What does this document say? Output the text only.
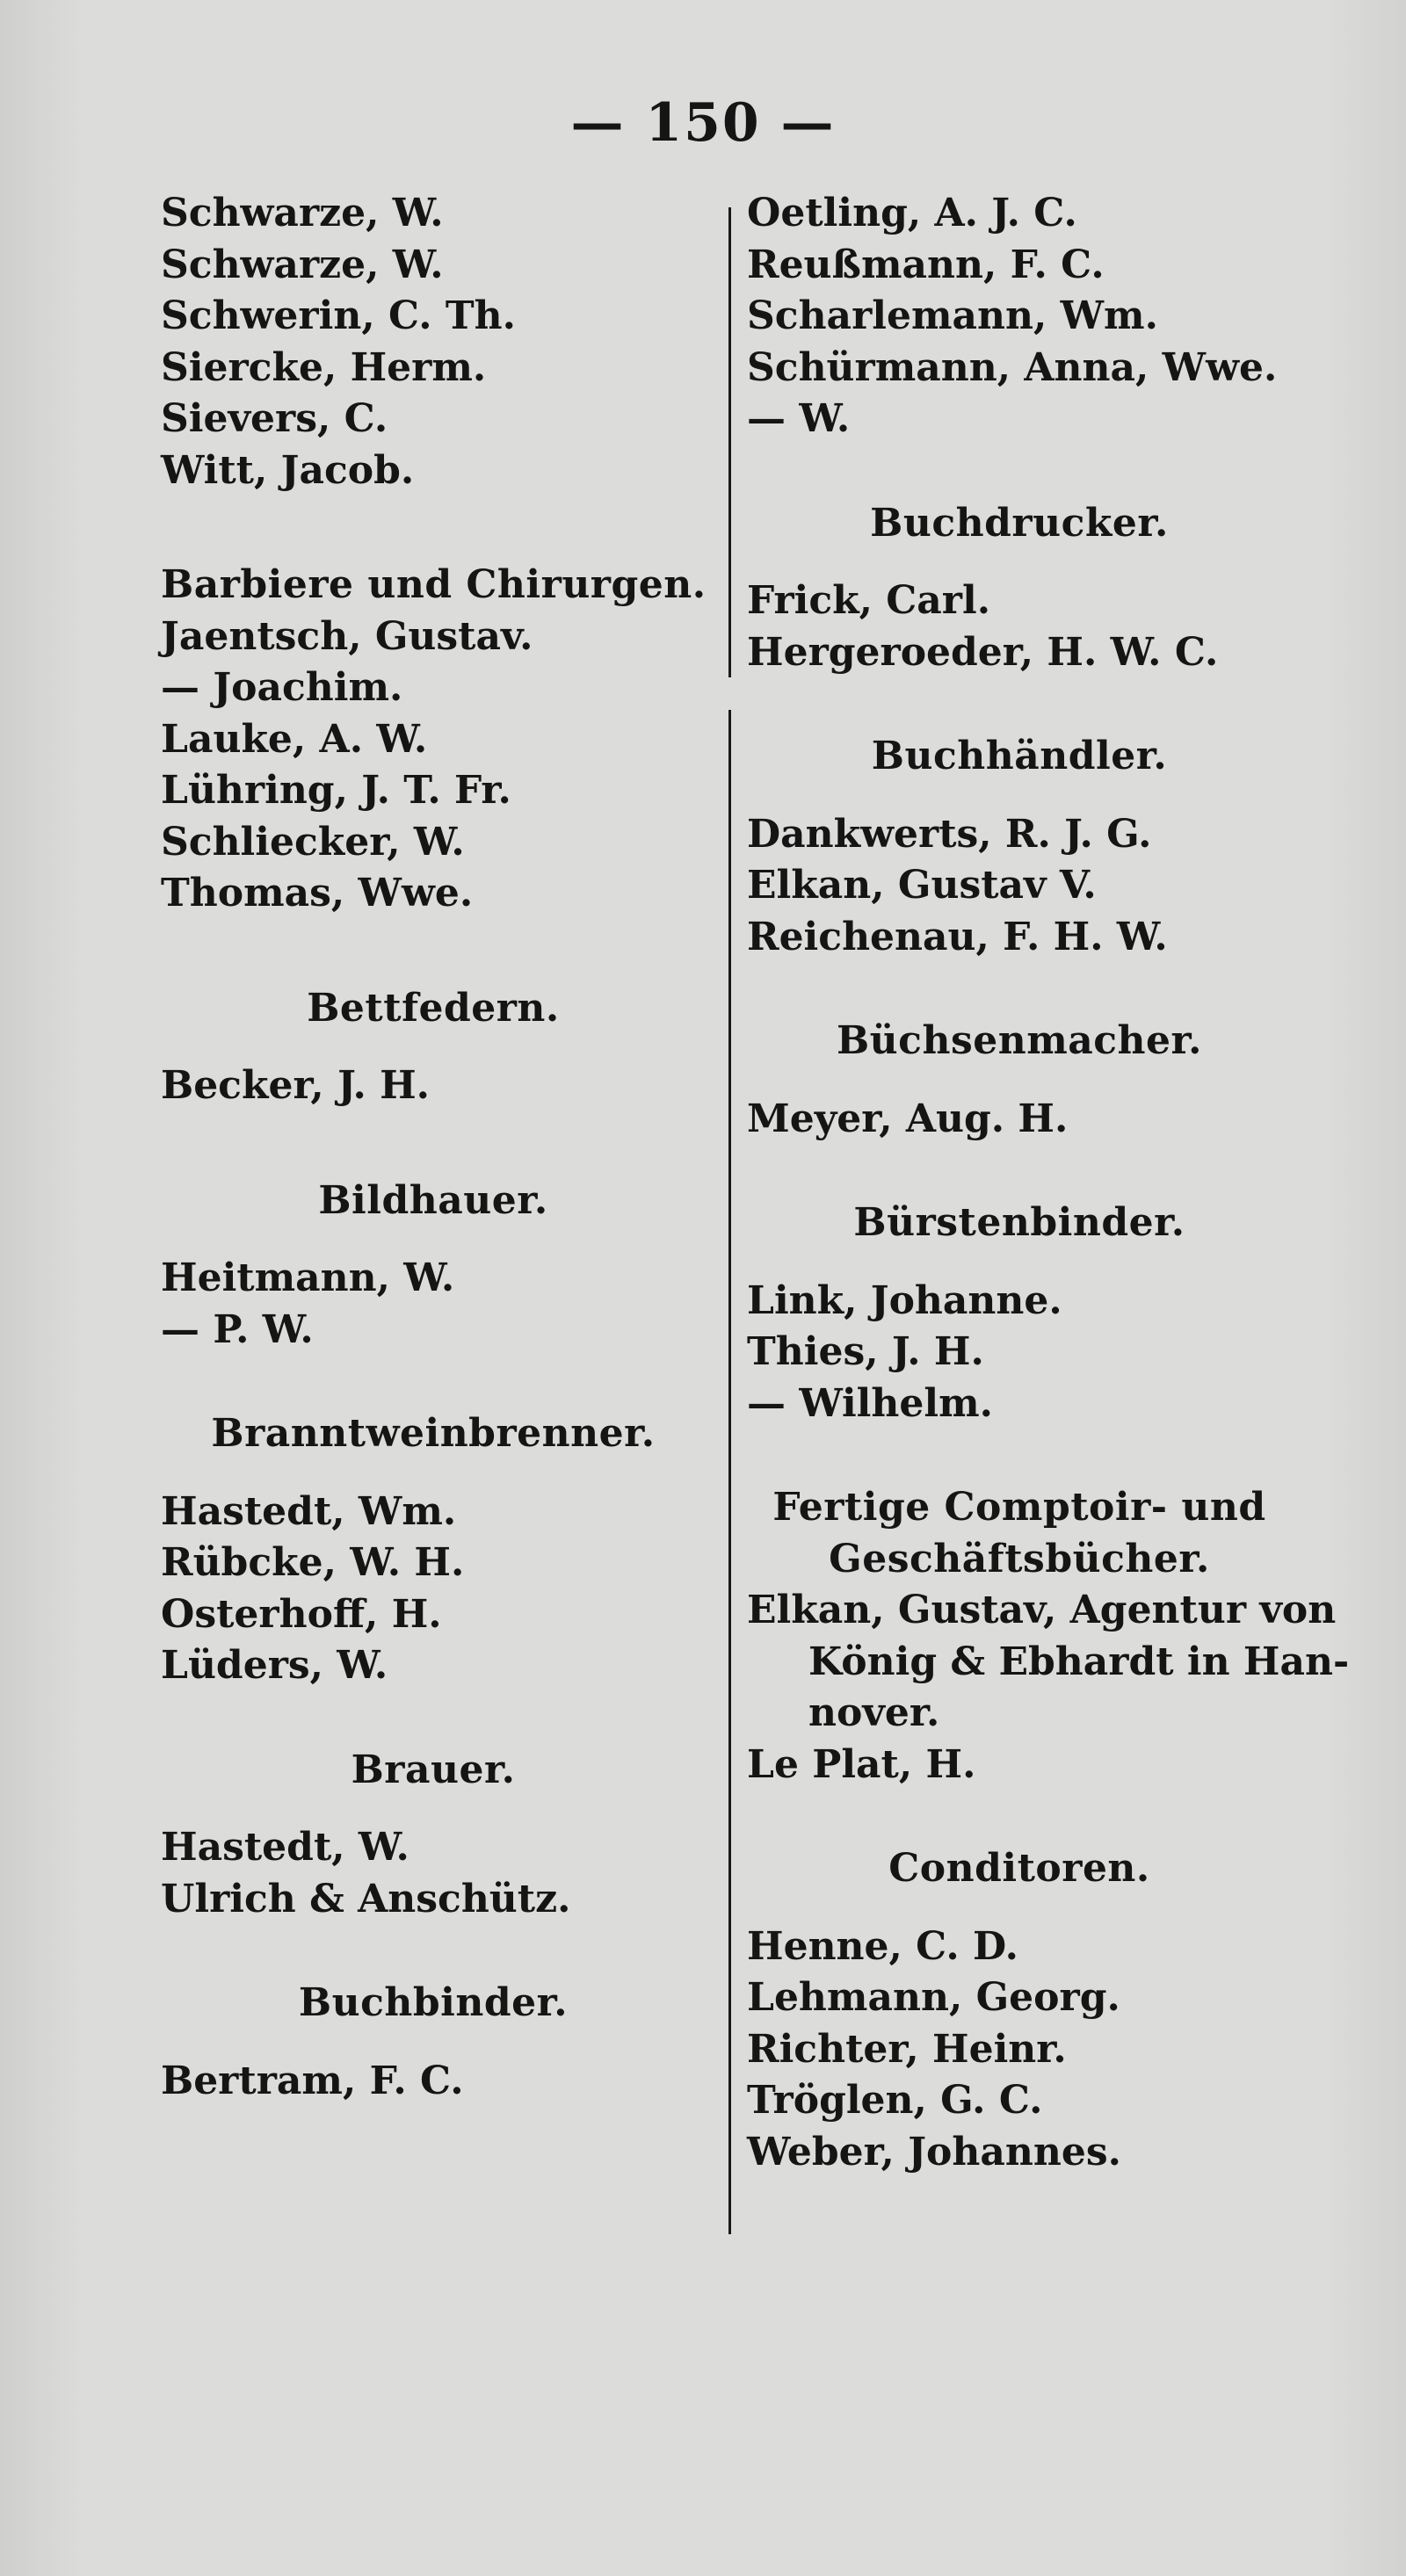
— 150 —
Schwarze, W.
Schwarze, W.
Schwerin, C. Th.
Siercke, Herm.
Sievers, C.
Witt, Jacob.
Barbiere und Chirurgen.
Jaentsch, Gustav.
— Joachim.
Lauke, A. W.
Lühring, J. T. Fr.
Schliecker, W.
Thomas, Wwe.
Bettfedern.
Becker, J. H.
Bildhauer.
Heitmann, W.
— P. W.
Branntweinbrenner.
Hastedt, Wm.
Rübcke, W. H.
Osterhoff, H.
Lüders, W.
Brauer.
Hastedt, W.
Ulrich & Anschütz.
Buchbinder.
Bertram, F. C.
Oetling, A. J. C.
Reußmann, F. C.
Scharlemann, Wm.
Schürmann, Anna, Wwe.
— W.
Buchdrucker.
Frick, Carl.
Hergeroeder, H. W. C.
Buchhändler.
Dankwerts, R. J. G.
Elkan, Gustav V.
Reichenau, F. H. W.
Büchsenmacher.
Meyer, Aug. H.
Bürstenbinder.
Link, Johanne.
Thies, J. H.
— Wilhelm.
Fertige Comptoir- und
Geschäftsbücher.
Elkan, Gustav, Agentur von
König & Ebhardt in Han-
nover.
Le Plat, H.
Conditoren.
Henne, C. D.
Lehmann, Georg.
Richter, Heinr.
Tröglen, G. C.
Weber, Johannes.
